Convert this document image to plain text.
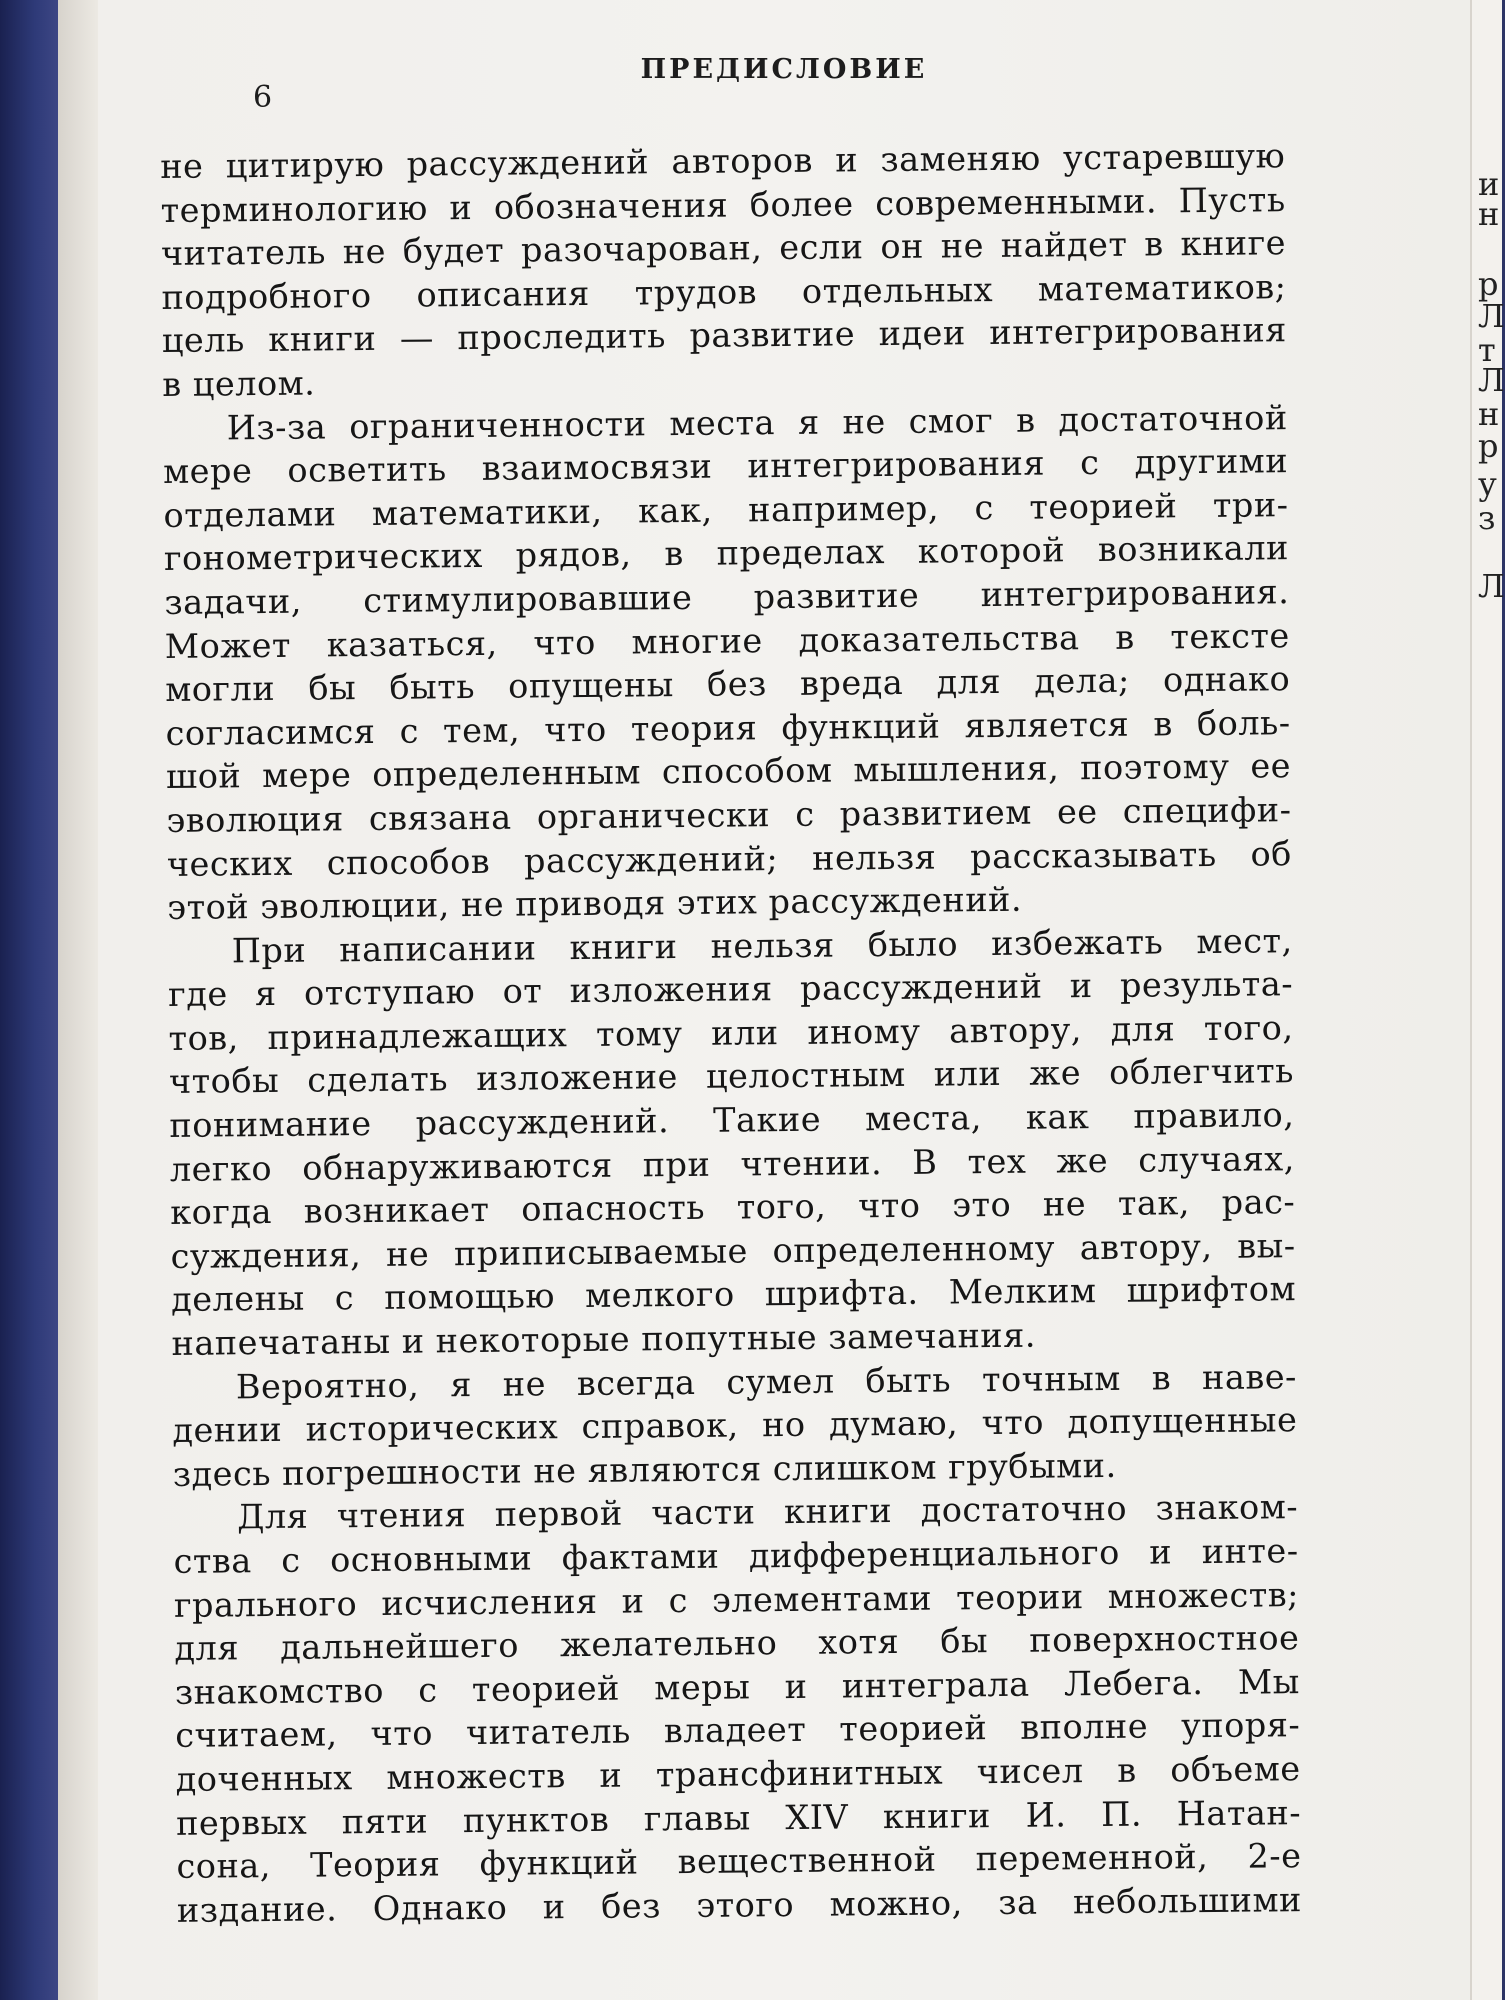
ПРЕДИСЛОВИЕ
6
и
н
р
Л
т
Л
н
р
у
з
Л
не цитирую рассуждений авторов и заменяю устаревшую
терминологию и обозначения более современными. Пусть
читатель не будет разочарован, если он не найдет в книге
подробного описания трудов отдельных математиков;
цель книги — проследить развитие идеи интегрирования
в целом.
Из-за ограниченности места я не смог в достаточной
мере осветить взаимосвязи интегрирования с другими
отделами математики, как, например, с теорией три-
гонометрических рядов, в пределах которой возникали
задачи, стимулировавшие развитие интегрирования.
Может казаться, что многие доказательства в тексте
могли бы быть опущены без вреда для дела; однако
согласимся с тем, что теория функций является в боль-
шой мере определенным способом мышления, поэтому ее
эволюция связана органически с развитием ее специфи-
ческих способов рассуждений; нельзя рассказывать об
этой эволюции, не приводя этих рассуждений.
При написании книги нельзя было избежать мест,
где я отступаю от изложения рассуждений и результа-
тов, принадлежащих тому или иному автору, для того,
чтобы сделать изложение целостным или же облегчить
понимание рассуждений. Такие места, как правило,
легко обнаруживаются при чтении. В тех же случаях,
когда возникает опасность того, что это не так, рас-
суждения, не приписываемые определенному автору, вы-
делены с помощью мелкого шрифта. Мелким шрифтом
напечатаны и некоторые попутные замечания.
Вероятно, я не всегда сумел быть точным в наве-
дении исторических справок, но думаю, что допущенные
здесь погрешности не являются слишком грубыми.
Для чтения первой части книги достаточно знаком-
ства с основными фактами дифференциального и инте-
грального исчисления и с элементами теории множеств;
для дальнейшего желательно хотя бы поверхностное
знакомство с теорией меры и интеграла Лебега. Мы
считаем, что читатель владеет теорией вполне упоря-
доченных множеств и трансфинитных чисел в объеме
первых пяти пунктов главы XIV книги И. П. Натан-
сона, Теория функций вещественной переменной, 2-е
издание. Однако и без этого можно, за небольшими
